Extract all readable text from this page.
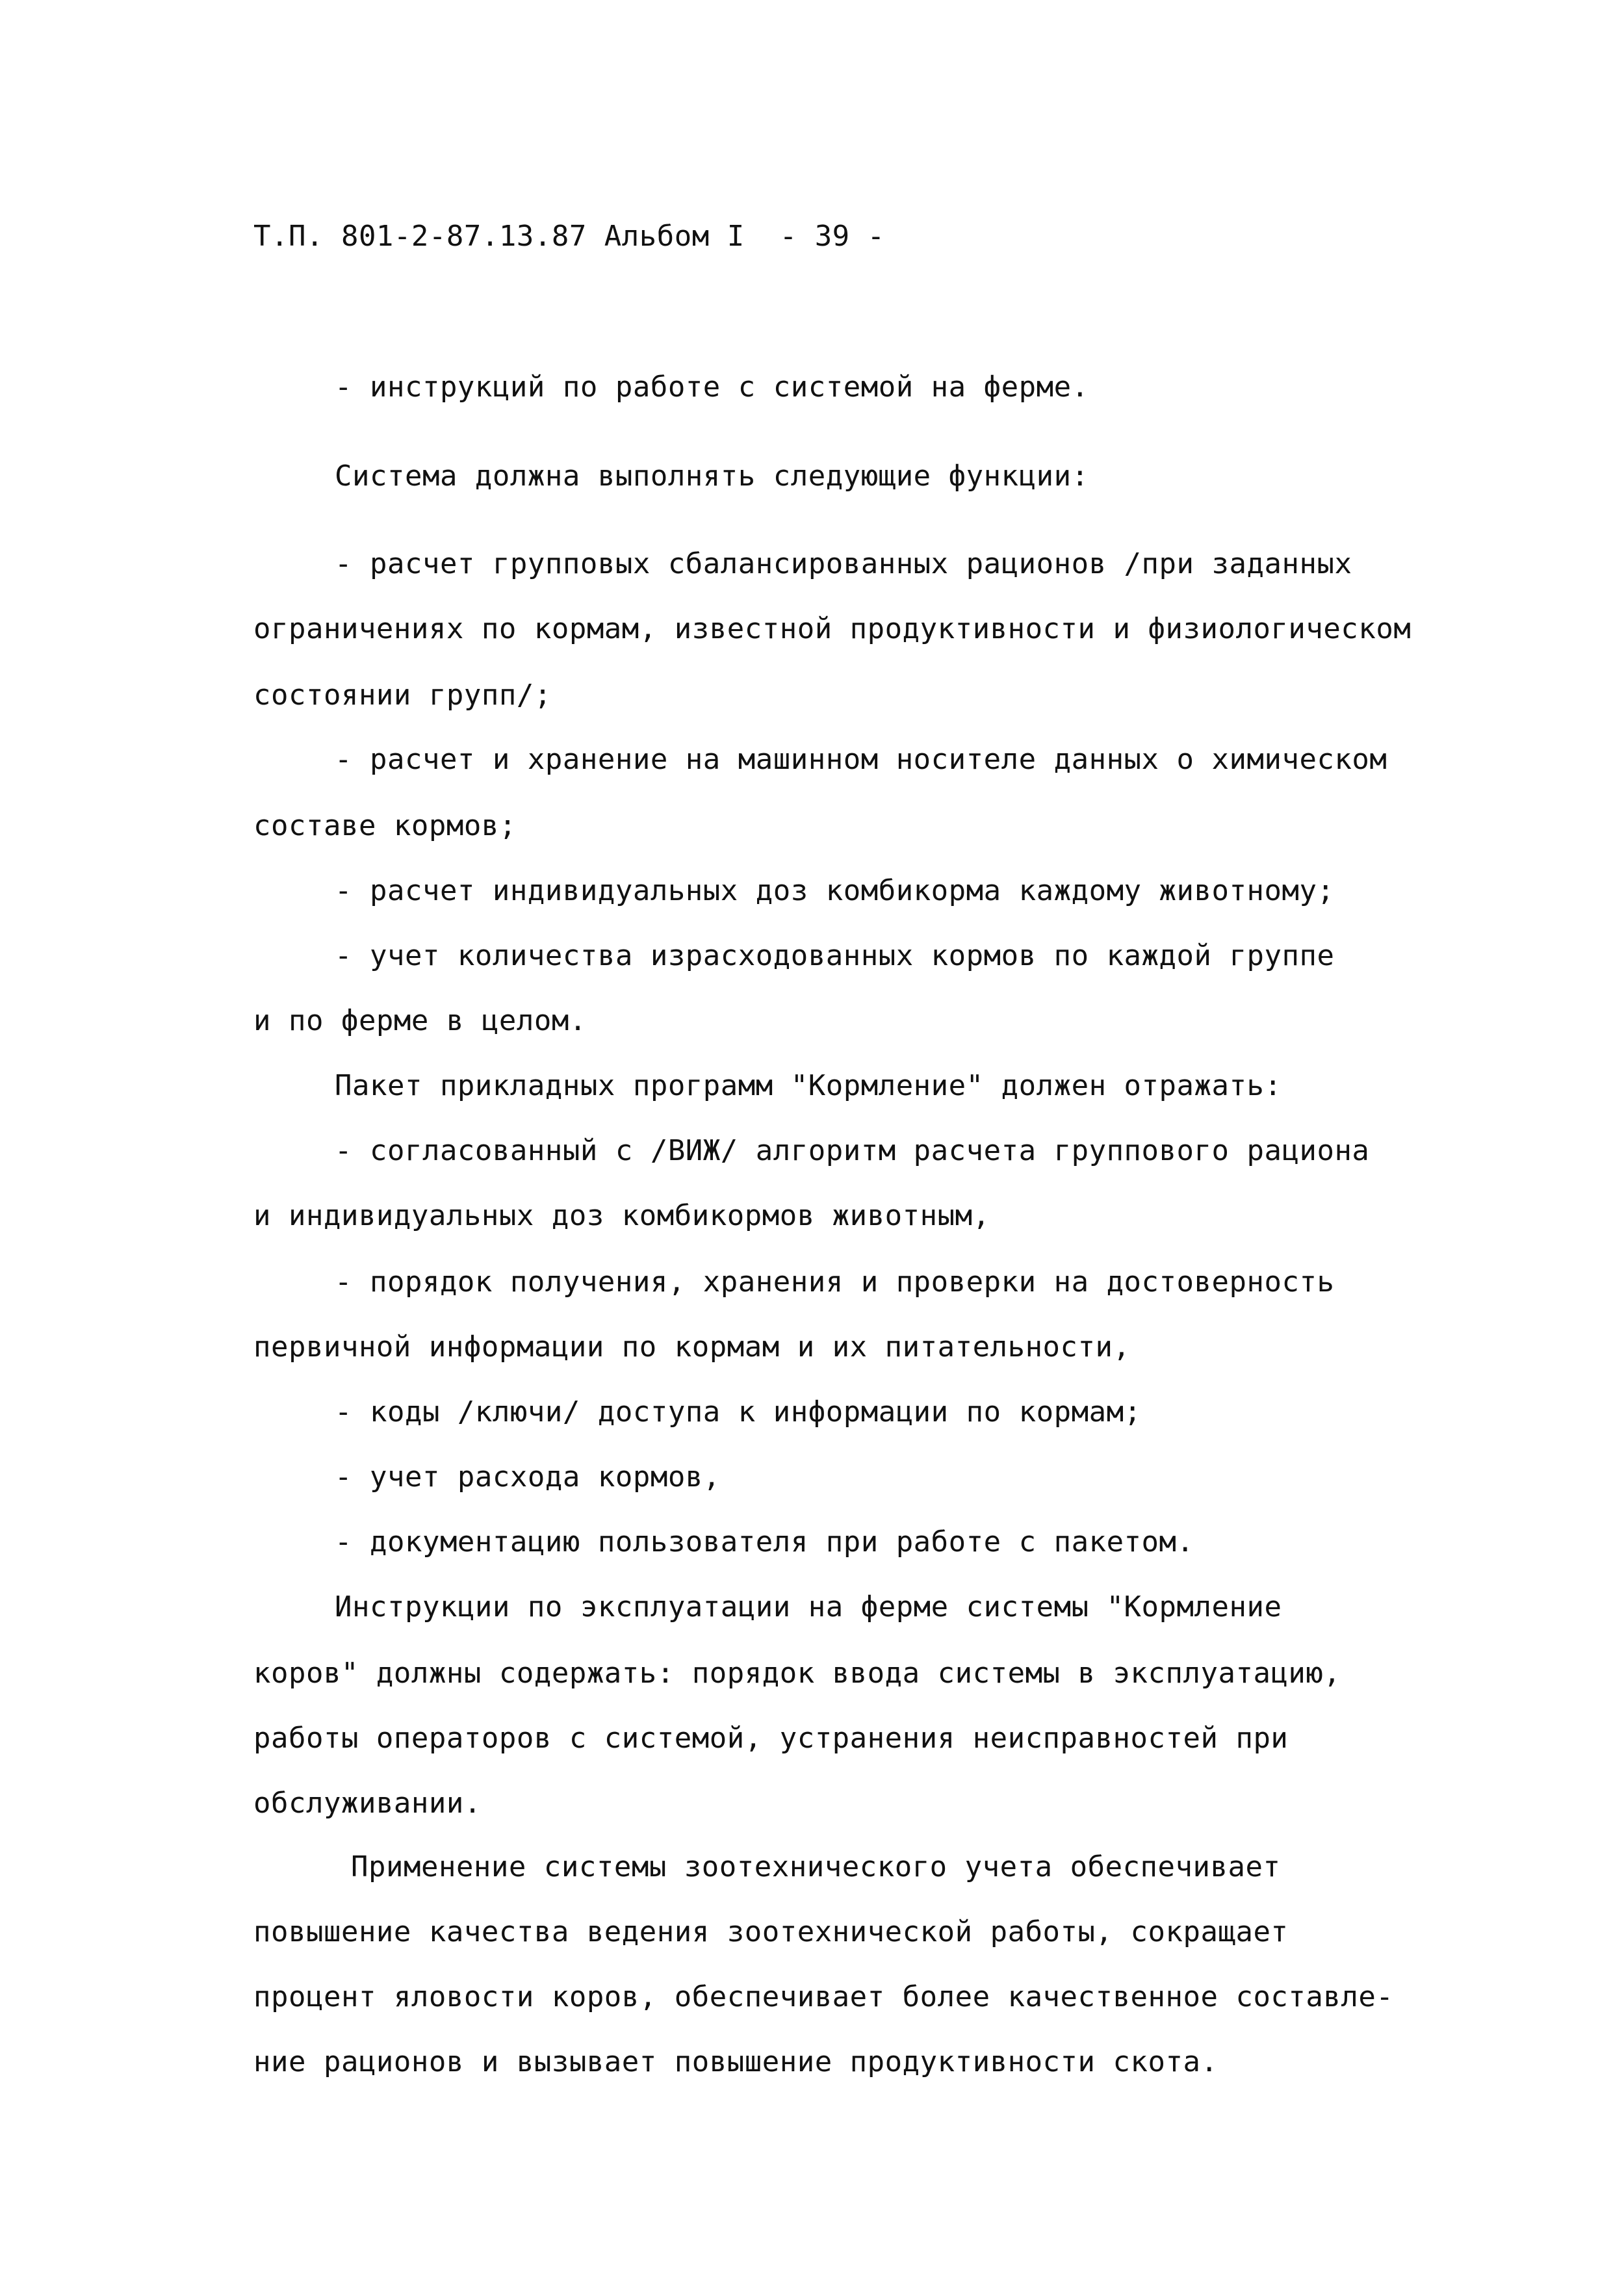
Т.П. 801-2-87.13.87 Альбом I  - 39 -
- инструкций по работе с системой на ферме.
Система должна выполнять следующие функции:
- расчет групповых сбалансированных рационов /при заданных
ограничениях по кормам, известной продуктивности и физиологическом
состоянии групп/;
- расчет и хранение на машинном носителе данных о химическом
составе кормов;
- расчет индивидуальных доз комбикорма каждому животному;
- учет количества израсходованных кормов по каждой группе
и по ферме в целом.
Пакет прикладных программ "Кормление" должен отражать:
- согласованный с /ВИЖ/ алгоритм расчета группового рациона
и индивидуальных доз комбикормов животным,
- порядок получения, хранения и проверки на достоверность
первичной информации по кормам и их питательности,
- коды /ключи/ доступа к информации по кормам;
- учет расхода кормов,
- документацию пользователя при работе с пакетом.
Инструкции по эксплуатации на ферме системы "Кормление
коров" должны содержать: порядок ввода системы в эксплуатацию,
работы операторов с системой, устранения неисправностей при
обслуживании.
Применение системы зоотехнического учета обеспечивает
повышение качества ведения зоотехнической работы, сокращает
процент яловости коров, обеспечивает более качественное составле-
ние рационов и вызывает повышение продуктивности скота.
